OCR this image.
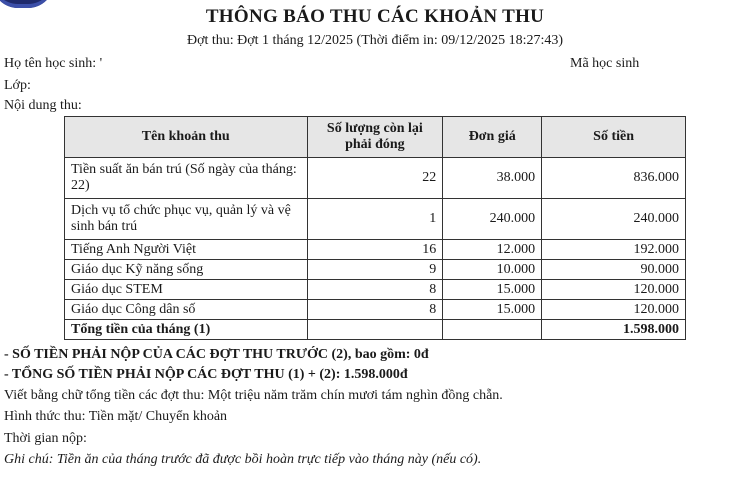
THÔNG BÁO THU CÁC KHOẢN THU
Đợt thu: Đợt 1 tháng 12/2025 (Thời điểm in: 09/12/2025 18:27:43)
Họ tên học sinh: '	Mã học sinh
Lớp:
Nội dung thu:
Tên khoản thu	Số lượng còn lại phải đóng	Đơn giá	Số tiền
Tiền suất ăn bán trú (Số ngày của tháng: 22)	22	38.000	836.000
Dịch vụ tổ chức phục vụ, quản lý và vệ sinh bán trú	1	240.000	240.000
Tiếng Anh Người Việt	16	12.000	192.000
Giáo dục Kỹ năng sống	9	10.000	90.000
Giáo dục STEM	8	15.000	120.000
Giáo dục Công dân số	8	15.000	120.000
Tổng tiền của tháng (1)			1.598.000
- SỐ TIỀN PHẢI NỘP CỦA CÁC ĐỢT THU TRƯỚC (2), bao gồm: 0đ
- TỔNG SỐ TIỀN PHẢI NỘP CÁC ĐỢT THU (1) + (2): 1.598.000đ
Viết bằng chữ tổng tiền các đợt thu: Một triệu năm trăm chín mươi tám nghìn đồng chẵn.
Hình thức thu: Tiền mặt/ Chuyển khoản
Thời gian nộp:
Ghi chú: Tiền ăn của tháng trước đã được bồi hoàn trực tiếp vào tháng này (nếu có).
